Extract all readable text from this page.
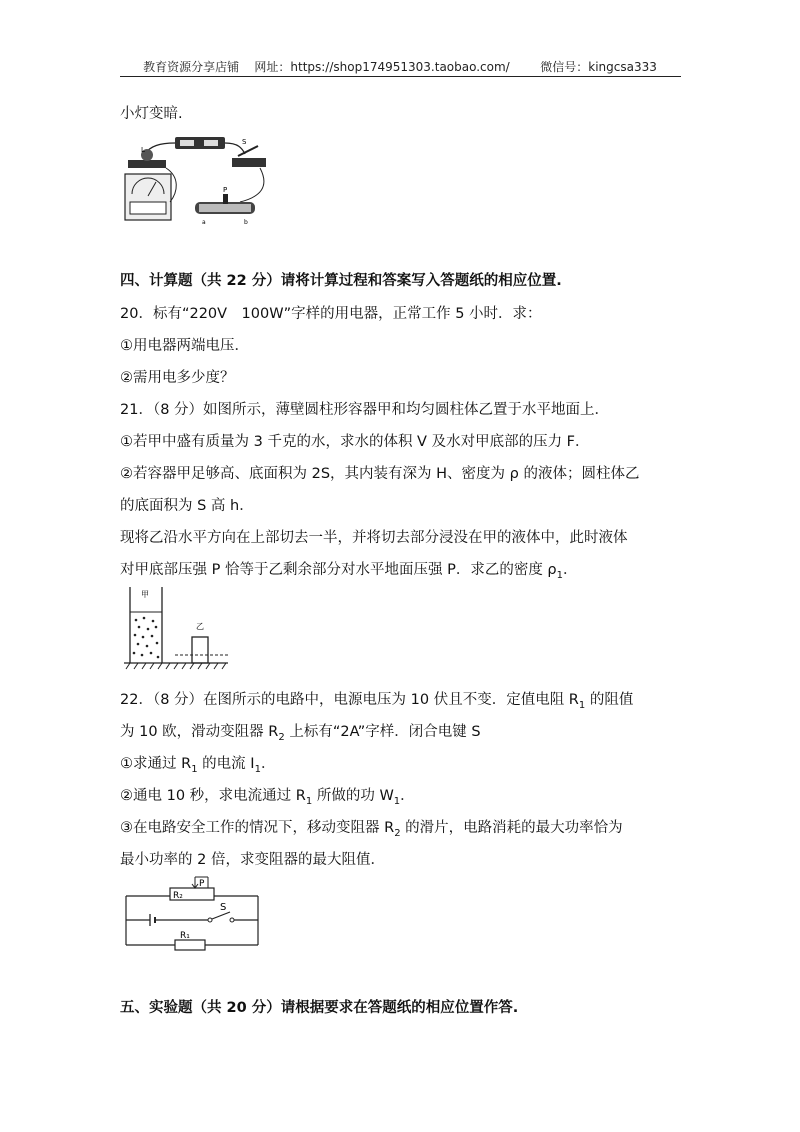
教育资源分享店铺    网址：https://shop174951303.taobao.com/        微信号：kingcsa333
小灯变暗.
L
S
P
a	b
四、计算题（共 22 分）请将计算过程和答案写入答题纸的相应位置.
20．标有“220V　100W”字样的用电器，正常工作 5 小时．求：
①用电器两端电压．
②需用电多少度？
21．（8 分）如图所示，薄壁圆柱形容器甲和均匀圆柱体乙置于水平地面上．
①若甲中盛有质量为 3 千克的水，求水的体积 V 及水对甲底部的压力 F．
②若容器甲足够高、底面积为 2S，其内装有深为 H、密度为 ρ 的液体；圆柱体乙
的底面积为 S 高 h．
现将乙沿水平方向在上部切去一半，并将切去部分浸没在甲的液体中，此时液体
对甲底部压强 P 恰等于乙剩余部分对水平地面压强 P．求乙的密度 $\rho_1$．
甲
乙
22．（8 分）在图所示的电路中，电源电压为 10 伏且不变．定值电阻 $R_1$ 的阻值
为 10 欧，滑动变阻器 $R_2$ 上标有“2A”字样．闭合电键 S
①求通过 $R_1$ 的电流 $I_1$．
②通电 10 秒，求电流通过 $R_1$ 所做的功 $W_1$．
③在电路安全工作的情况下，移动变阻器 $R_2$ 的滑片，电路消耗的最大功率恰为
最小功率的 2 倍，求变阻器的最大阻值．
R₂
P
S
R₁
五、实验题（共 20 分）请根据要求在答题纸的相应位置作答.
